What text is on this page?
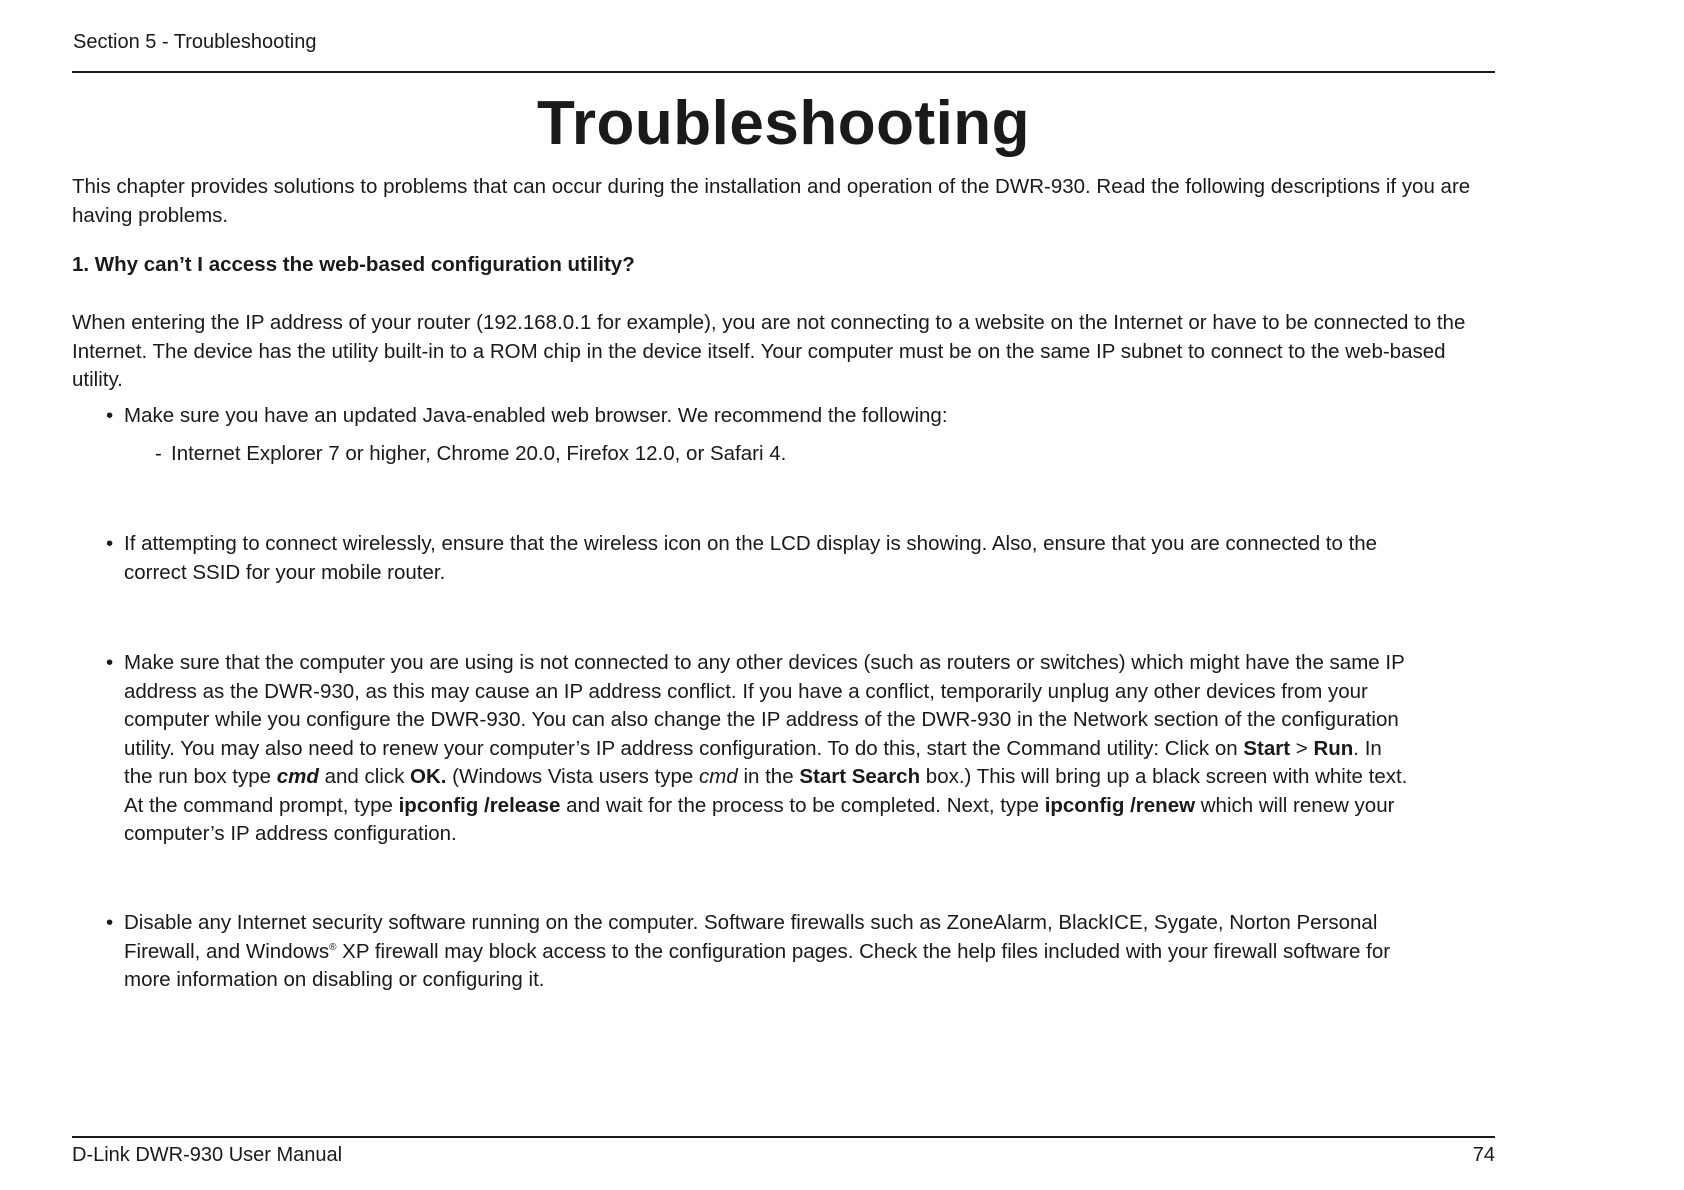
Section 5 - Troubleshooting
Troubleshooting

This chapter provides solutions to problems that can occur during the installation and operation of the DWR-930. Read the following descriptions if you are having problems.

1. Why can’t I access the web-based configuration utility?

When entering the IP address of your router (192.168.0.1 for example), you are not connecting to a website on the Internet or have to be connected to the Internet. The device has the utility built-in to a ROM chip in the device itself. Your computer must be on the same IP subnet to connect to the web-based utility.

• Make sure you have an updated Java-enabled web browser. We recommend the following:
- Internet Explorer 7 or higher, Chrome 20.0, Firefox 12.0, or Safari 4.
• If attempting to connect wirelessly, ensure that the wireless icon on the LCD display is showing. Also, ensure that you are connected to the correct SSID for your mobile router.
• Make sure that the computer you are using is not connected to any other devices (such as routers or switches) which might have the same IP address as the DWR-930, as this may cause an IP address conflict. If you have a conflict, temporarily unplug any other devices from your computer while you configure the DWR-930. You can also change the IP address of the DWR-930 in the Network section of the configuration utility. You may also need to renew your computer’s IP address configuration. To do this, start the Command utility: Click on Start > Run. In the run box type cmd and click OK. (Windows Vista users type cmd in the Start Search box.) This will bring up a black screen with white text. At the command prompt, type ipconfig /release and wait for the process to be completed. Next, type ipconfig /renew which will renew your computer’s IP address configuration.
• Disable any Internet security software running on the computer. Software firewalls such as ZoneAlarm, BlackICE, Sygate, Norton Personal Firewall, and Windows® XP firewall may block access to the configuration pages. Check the help files included with your firewall software for more information on disabling or configuring it.
D-Link DWR-930 User Manual	74
